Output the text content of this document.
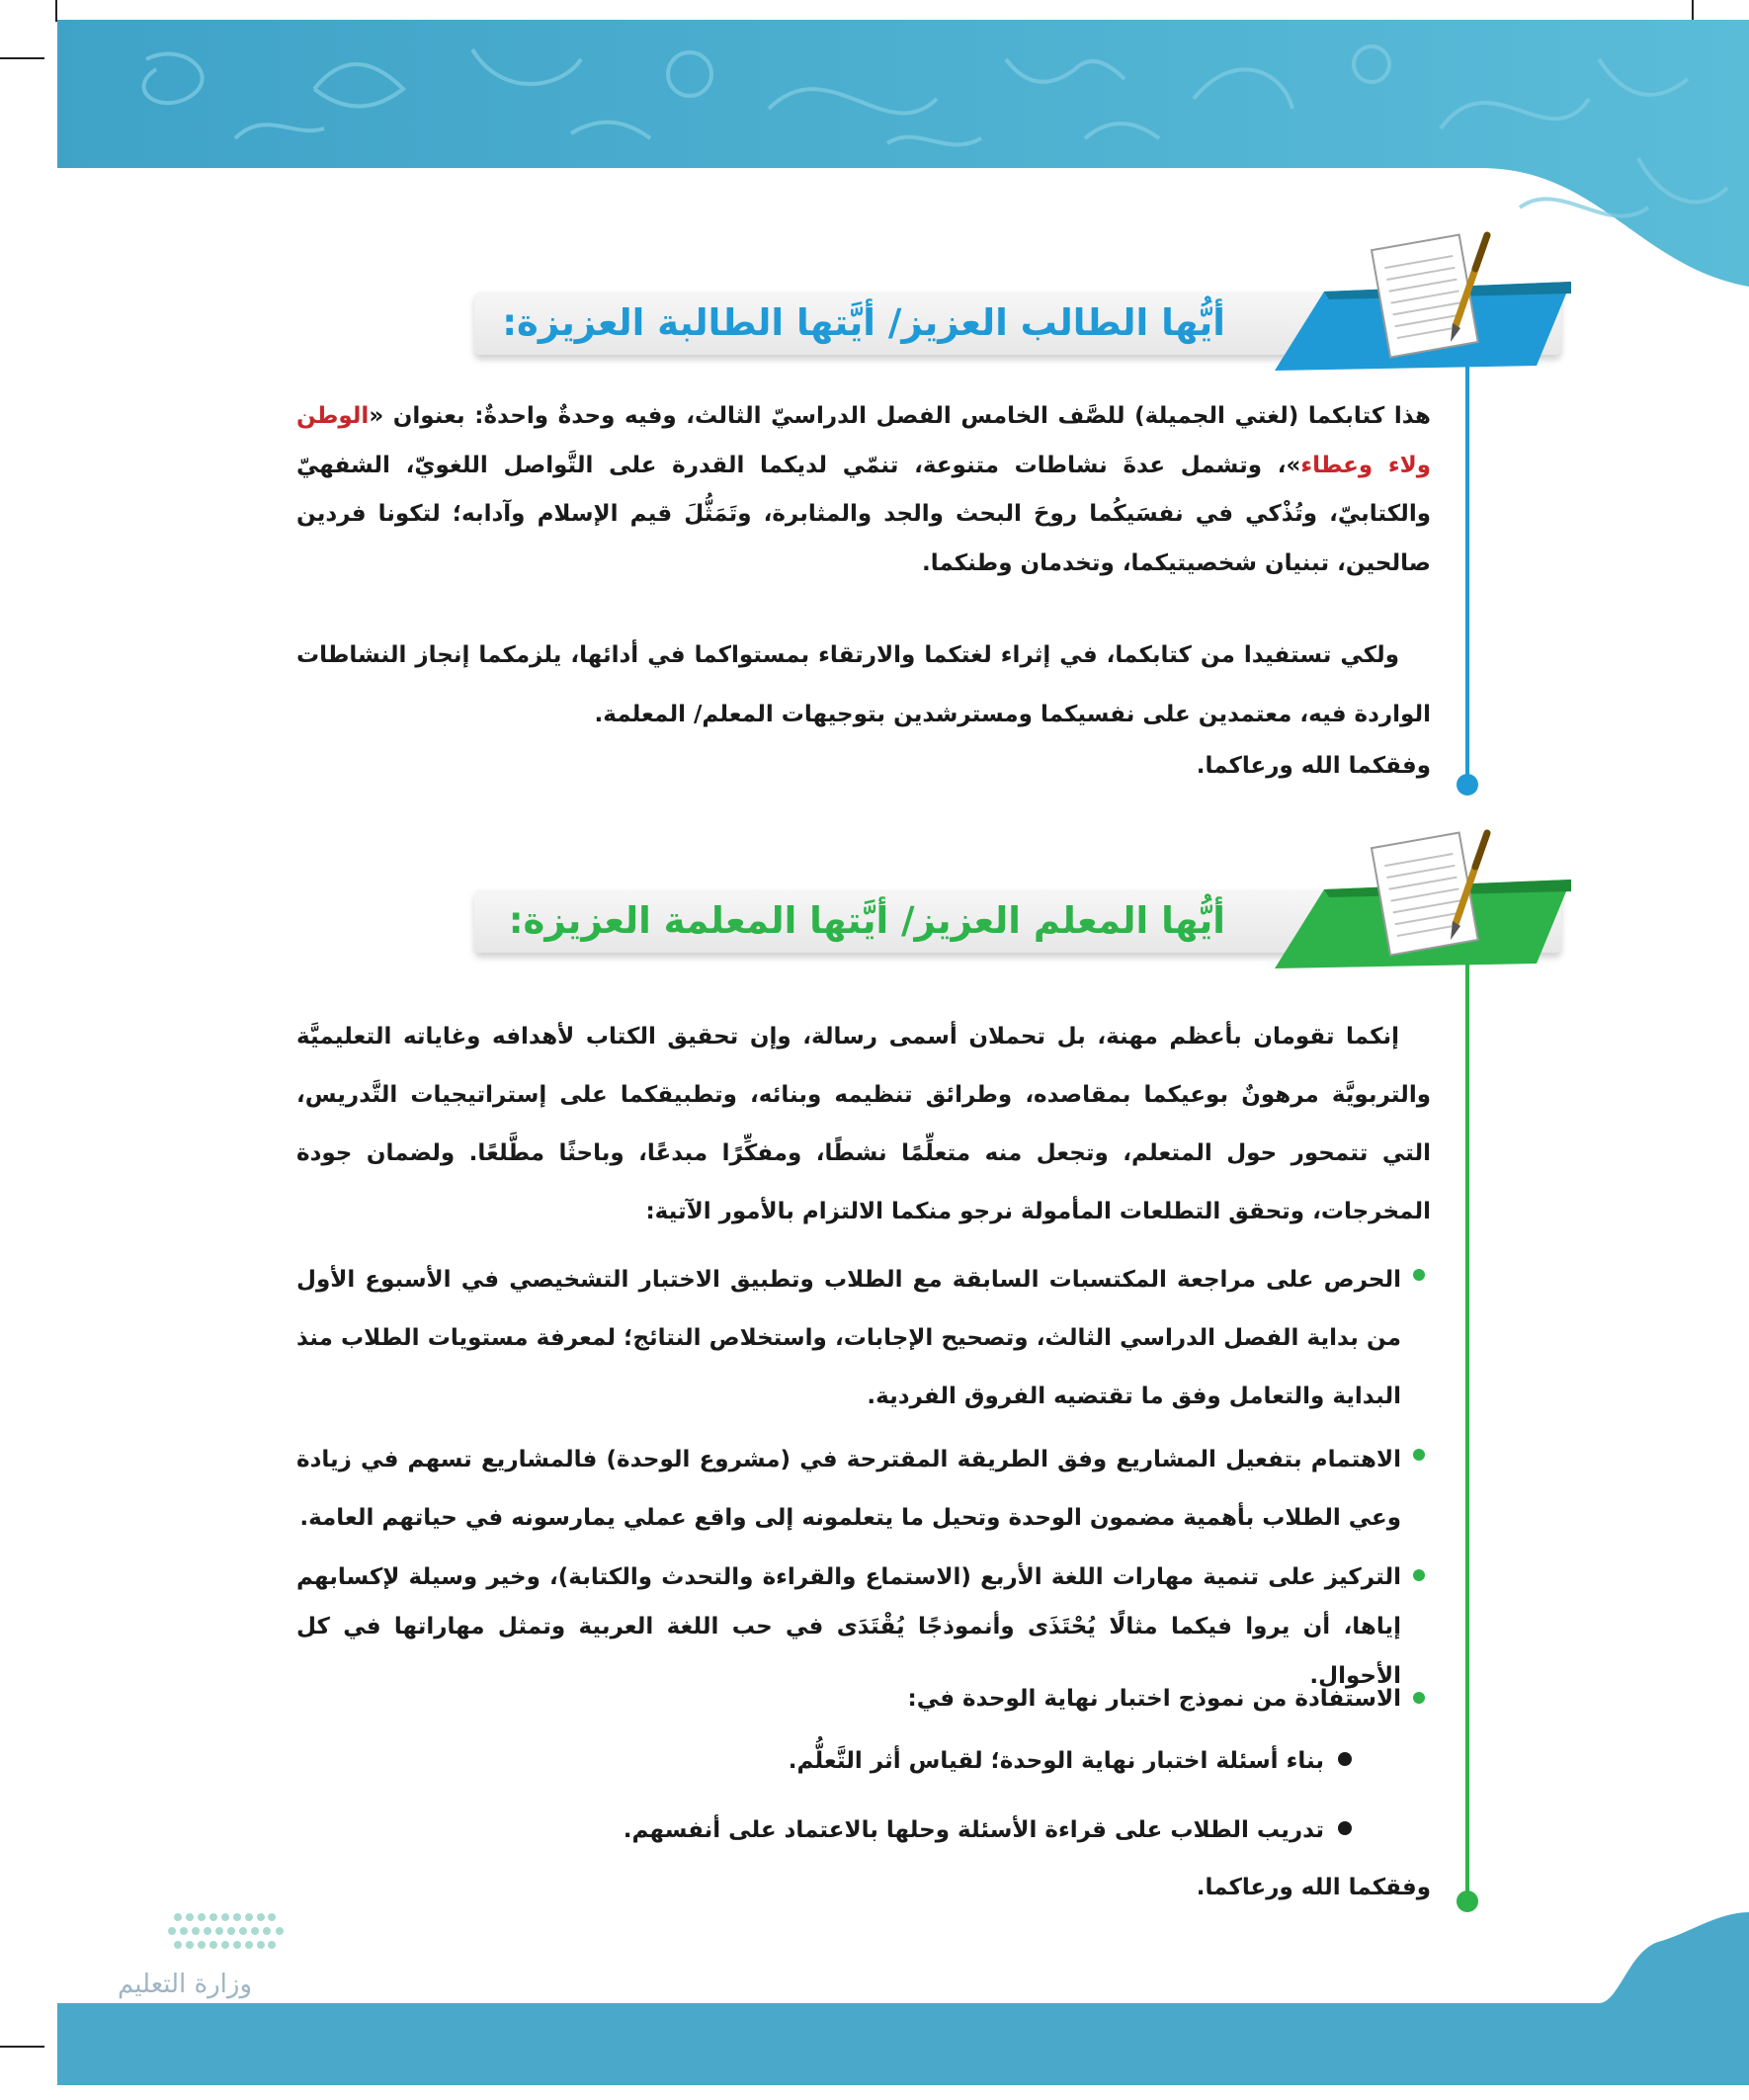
أيُّها الطالب العزيز/ أيَّتها الطالبة العزيزة:
هذا كتابكما (لغتي الجميلة) للصَّف الخامس الفصل الدراسيّ الثالث، وفيه وحدةٌ واحدةٌ: بعنوان «الوطن ولاء وعطاء»، وتشمل عدةَ نشاطات متنوعة، تنمّي لديكما القدرة على التَّواصل اللغويّ، الشفهيّ والكتابيّ، وتُذْكي في نفسَيكُما روحَ البحث والجد والمثابرة، وتَمَثُّلَ قيم الإسلام وآدابه؛ لتكونا فردين صالحين، تبنيان شخصيتيكما، وتخدمان وطنكما.
ولكي تستفيدا من كتابكما، في إثراء لغتكما والارتقاء بمستواكما في أدائها، يلزمكما إنجاز النشاطات الواردة فيه، معتمدين على نفسيكما ومسترشدين بتوجيهات المعلم/ المعلمة.
وفقكما الله ورعاكما.
أيُّها المعلم العزيز/ أيَّتها المعلمة العزيزة:
إنكما تقومان بأعظم مهنة، بل تحملان أسمى رسالة، وإن تحقيق الكتاب لأهدافه وغاياته التعليميَّة والتربويَّة مرهونٌ بوعيكما بمقاصده، وطرائق تنظيمه وبنائه، وتطبيقكما على إستراتيجيات التَّدريس، التي تتمحور حول المتعلم، وتجعل منه متعلِّمًا نشطًا، ومفكِّرًا مبدعًا، وباحثًا مطَّلعًا. ولضمان جودة المخرجات، وتحقق التطلعات المأمولة نرجو منكما الالتزام بالأمور الآتية:
الحرص على مراجعة المكتسبات السابقة مع الطلاب وتطبيق الاختبار التشخيصي في الأسبوع الأول من بداية الفصل الدراسي الثالث، وتصحيح الإجابات، واستخلاص النتائج؛ لمعرفة مستويات الطلاب منذ البداية والتعامل وفق ما تقتضيه الفروق الفردية.
الاهتمام بتفعيل المشاريع وفق الطريقة المقترحة في (مشروع الوحدة) فالمشاريع تسهم في زيادة وعي الطلاب بأهمية مضمون الوحدة وتحيل ما يتعلمونه إلى واقع عملي يمارسونه في حياتهم العامة.
التركيز على تنمية مهارات اللغة الأربع (الاستماع والقراءة والتحدث والكتابة)، وخير وسيلة لإكسابهم إياها، أن يروا فيكما مثالًا يُحْتَذَى وأنموذجًا يُقْتَدَى في حب اللغة العربية وتمثل مهاراتها في كل الأحوال.
الاستفادة من نموذج اختبار نهاية الوحدة في:
بناء أسئلة اختبار نهاية الوحدة؛ لقياس أثر التَّعلُّم.
تدريب الطلاب على قراءة الأسئلة وحلها بالاعتماد على أنفسهم.
وفقكما الله ورعاكما.
٦
وزارة التعليم
